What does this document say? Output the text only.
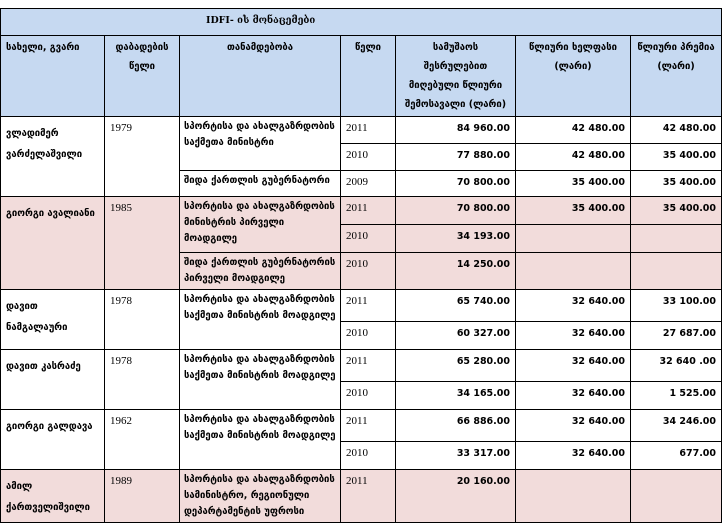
IDFI- ის მონაცემები						
სახელი, გვარი	დაბადების წელი	თანამდებობა	წელი	სამუშაოს შესრულებით მიღებული წლიური შემოსავალი (ლარი)	წლიური ხელფასი (ლარი)	წლიური პრემია (ლარი)
ვლადიმერ ვარძელაშვილი	1979	სპორტისა და ახალგაზრდობის საქმეთა მინისტრი	2011	84 960.00	42 480.00	42 480.00
			2010	77 880.00	42 480.00	35 400.00
		შიდა ქართლის გუბერნატორი	2009	70 800.00	35 400.00	35 400.00
გიორგი ავალიანი	1985	სპორტისა და ახალგაზრდობის მინისტრის პირველი მოადგილე	2011	70 800.00	35 400.00	35 400.00
			2010	34 193.00		
		შიდა ქართლის გუბერნატორის პირველი მოადგილე	2010	14 250.00		
დავით ნამგალაური	1978	სპორტისა და ახალგაზრდობის საქმეთა მინისტრის მოადგილე	2011	65 740.00	32 640.00	33 100.00
			2010	60 327.00	32 640.00	27 687.00
დავით კასრაძე	1978	სპორტისა და ახალგაზრდობის საქმეთა მინისტრის მოადგილე	2011	65 280.00	32 640.00	32 640 .00
			2010	34 165.00	32 640.00	1 525.00
გიორგი გალდავა	1962	სპორტისა და ახალგაზრდობის საქმეთა მინისტრის მოადგილე	2011	66 886.00	32 640.00	34 246.00
			2010	33 317.00	32 640.00	677.00
ამილ ქართველიშვილი	1989	სპორტისა და ახალგაზრდობის სამინისტრო, რეგიონული დეპარტამენტის უფროსი	2011	20 160.00		
